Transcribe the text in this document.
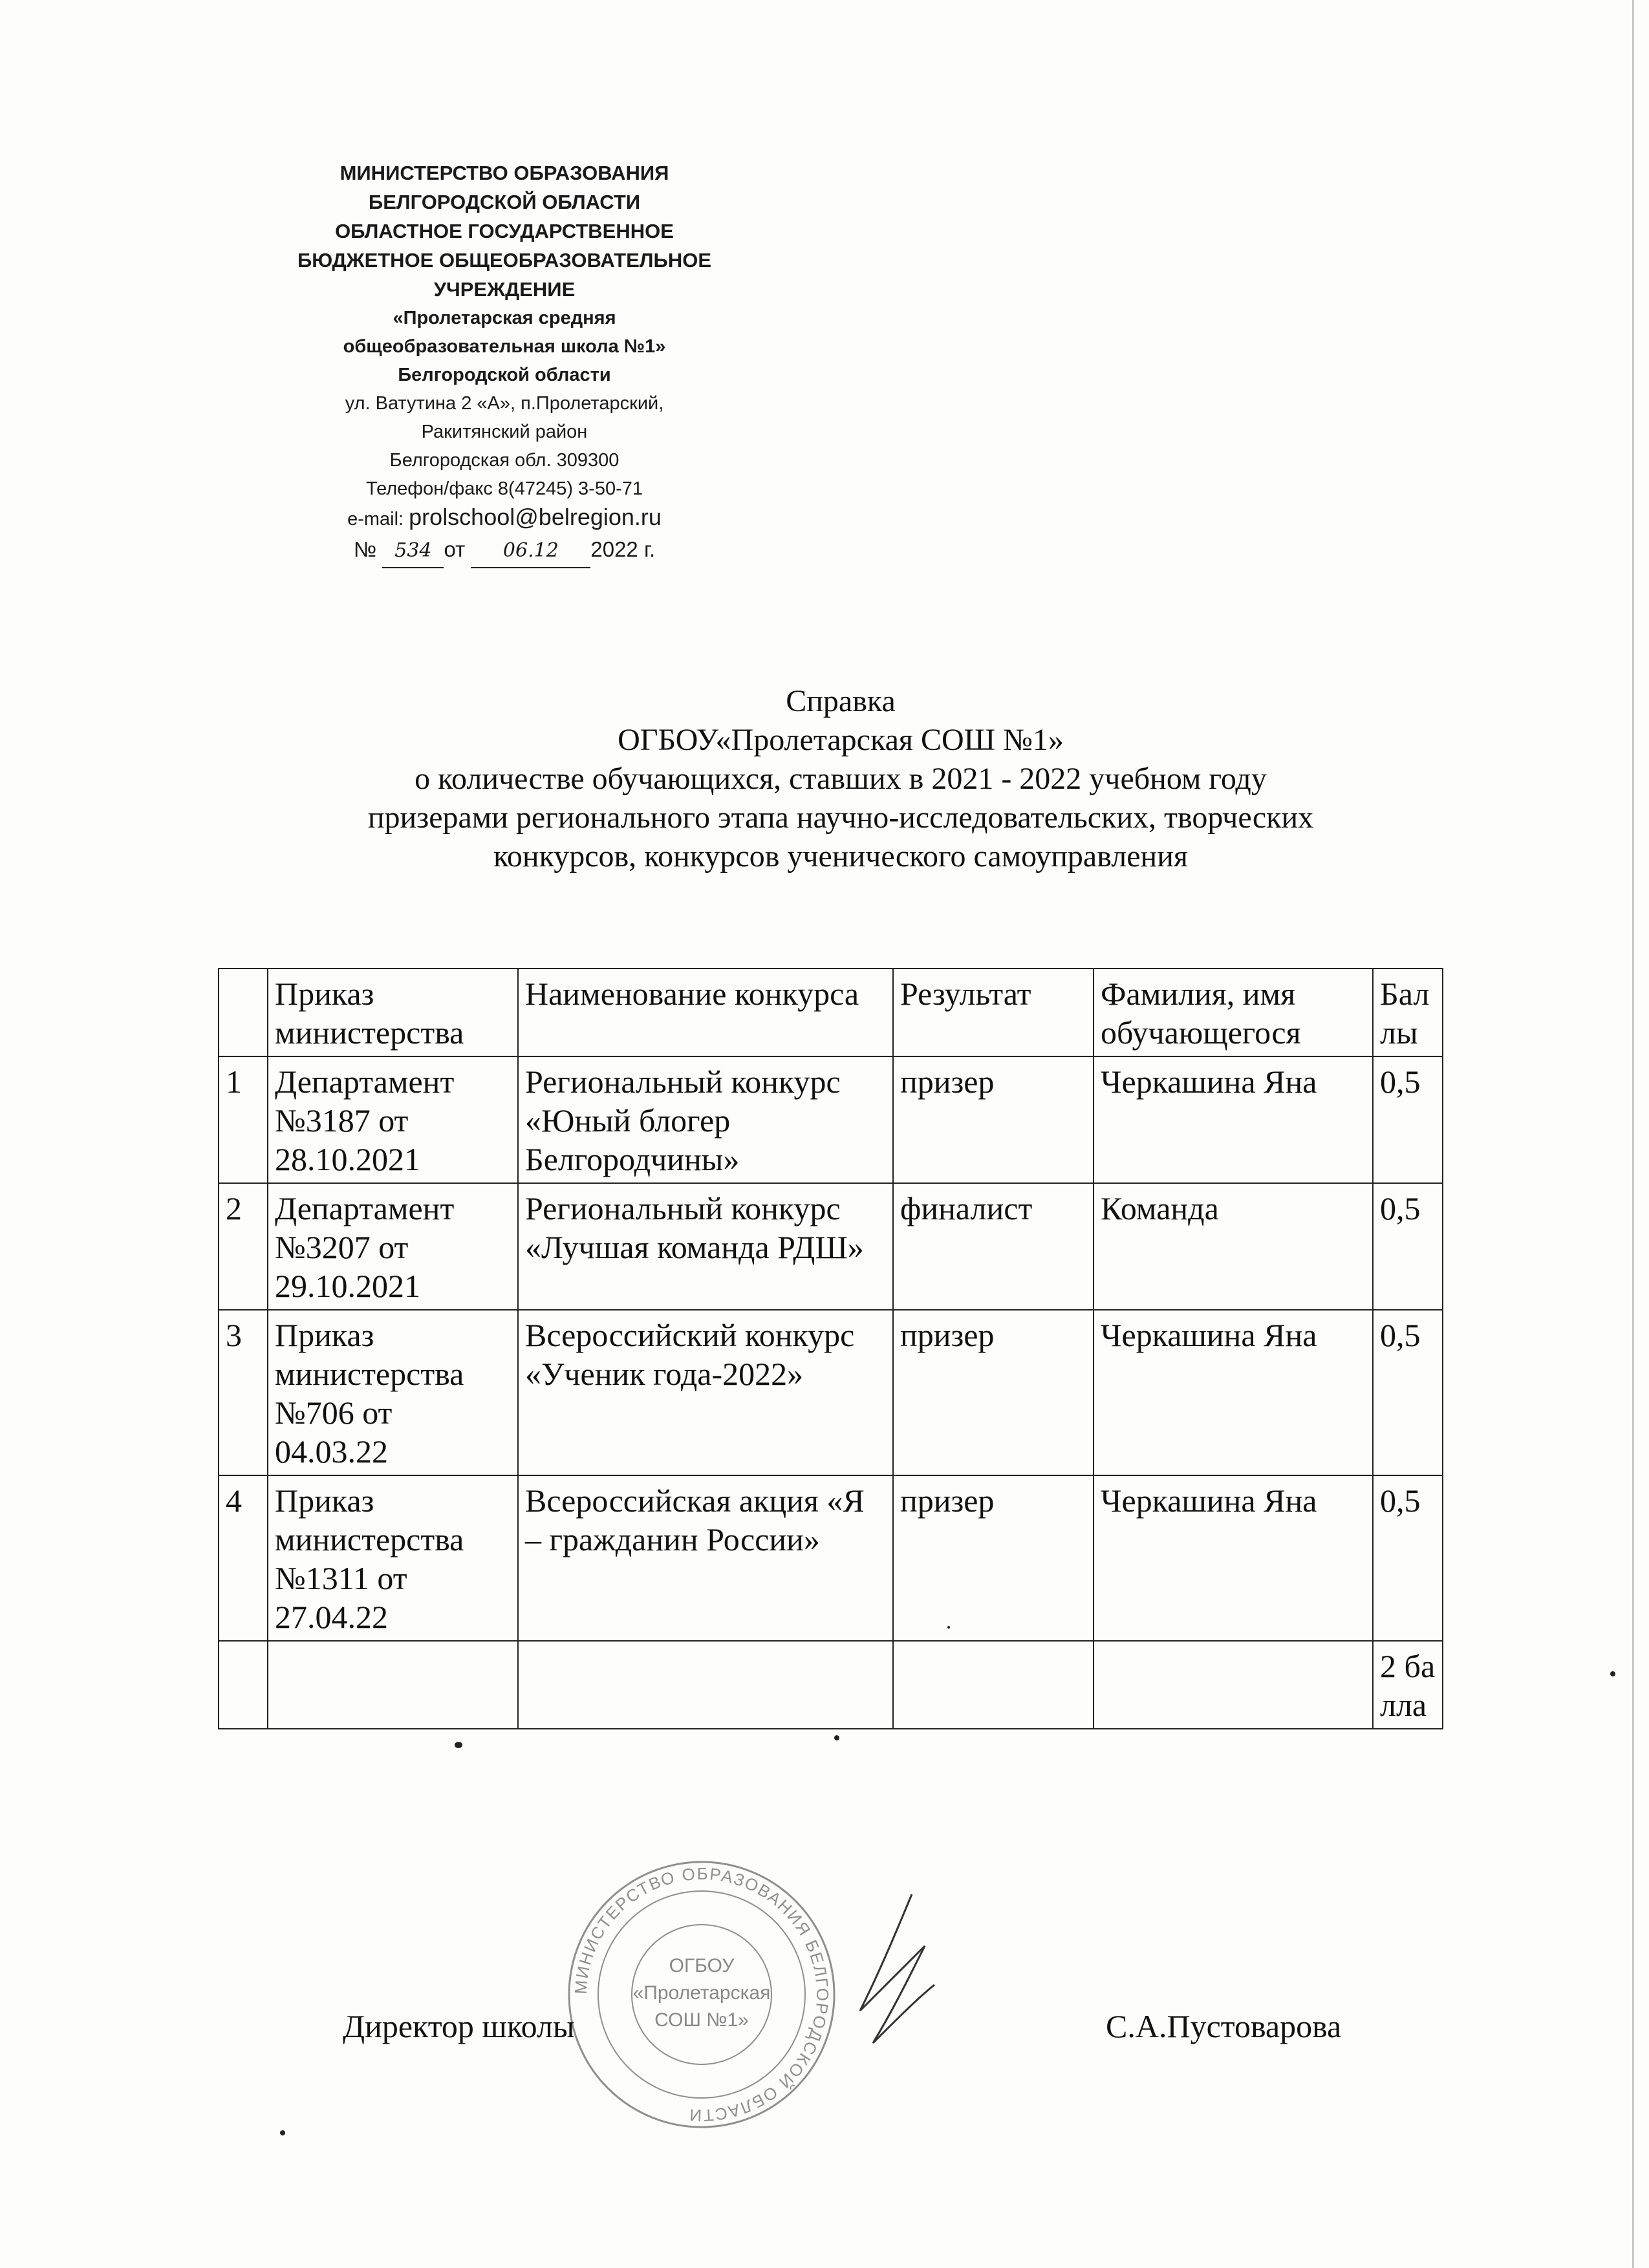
МИНИСТЕРСТВО ОБРАЗОВАНИЯ
БЕЛГОРОДСКОЙ ОБЛАСТИ
ОБЛАСТНОЕ ГОСУДАРСТВЕННОЕ
БЮДЖЕТНОЕ ОБЩЕОБРАЗОВАТЕЛЬНОЕ
УЧРЕЖДЕНИЕ
«Пролетарская средняя
общеобразовательная школа №1»
Белгородской области
ул. Ватутина 2 «А», п.Пролетарский,
Ракитянский район
Белгородская обл. 309300
Телефон/факс 8(47245) 3-50-71
e-mail: prolschool@belregion.ru
№ 534 от 06.12 2022 г.
Справка
ОГБОУ«Пролетарская СОШ №1»
о количестве обучающихся, ставших в 2021 - 2022 учебном году
призерами регионального этапа научно-исследовательских, творческих
конкурсов, конкурсов ученического самоуправления
	Приказ министерства	Наименование конкурса	Результат	Фамилия, имя обучающегося	Баллы
1	Департамент №3187 от 28.10.2021	Региональный конкурс «Юный блогер Белгородчины»	призер	Черкашина Яна	0,5
2	Департамент №3207 от 29.10.2021	Региональный конкурс «Лучшая команда РДШ»	финалист	Команда	0,5
3	Приказ министерства №706 от 04.03.22	Всероссийский конкурс «Ученик года-2022»	призер	Черкашина Яна	0,5
4	Приказ министерства №1311 от 27.04.22	Всероссийская акция «Я – гражданин России»	призер	Черкашина Яна	0,5
					2 балла
МИНИСТЕРСТВО ОБРАЗОВАНИЯ БЕЛГОРОДСКОЙ ОБЛАСТИ
ОГБОУ
«Пролетарская
СОШ №1»
Директор школы	С.А.Пустоварова
